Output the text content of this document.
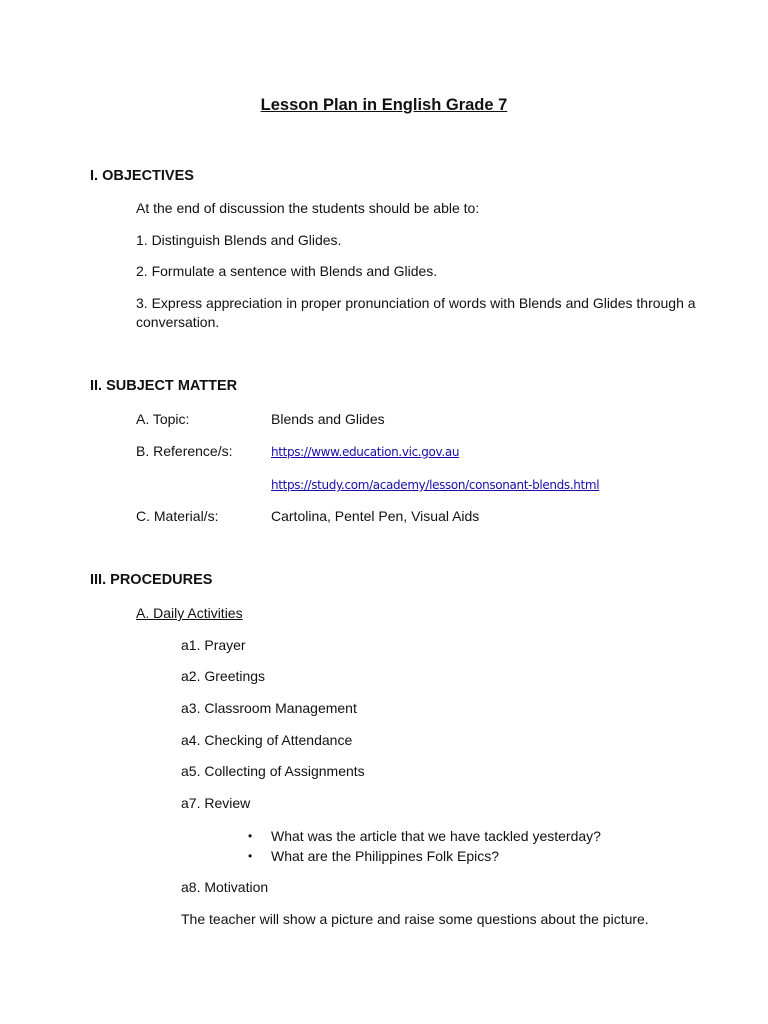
Lesson Plan in English Grade 7
I. OBJECTIVES
At the end of discussion the students should be able to:
1. Distinguish Blends and Glides.
2. Formulate a sentence with Blends and Glides.
3. Express appreciation in proper pronunciation of words with Blends and Glides through a conversation.
II. SUBJECT MATTER
A. Topic:	Blends and Glides
B. Reference/s:	https://www.education.vic.gov.au
https://study.com/academy/lesson/consonant-blends.html
C. Material/s:	Cartolina, Pentel Pen, Visual Aids
III. PROCEDURES
A. Daily Activities
a1. Prayer
a2. Greetings
a3. Classroom Management
a4. Checking of Attendance
a5. Collecting of Assignments
a7. Review
• What was the article that we have tackled yesterday?
• What are the Philippines Folk Epics?
a8. Motivation
The teacher will show a picture and raise some questions about the picture.
